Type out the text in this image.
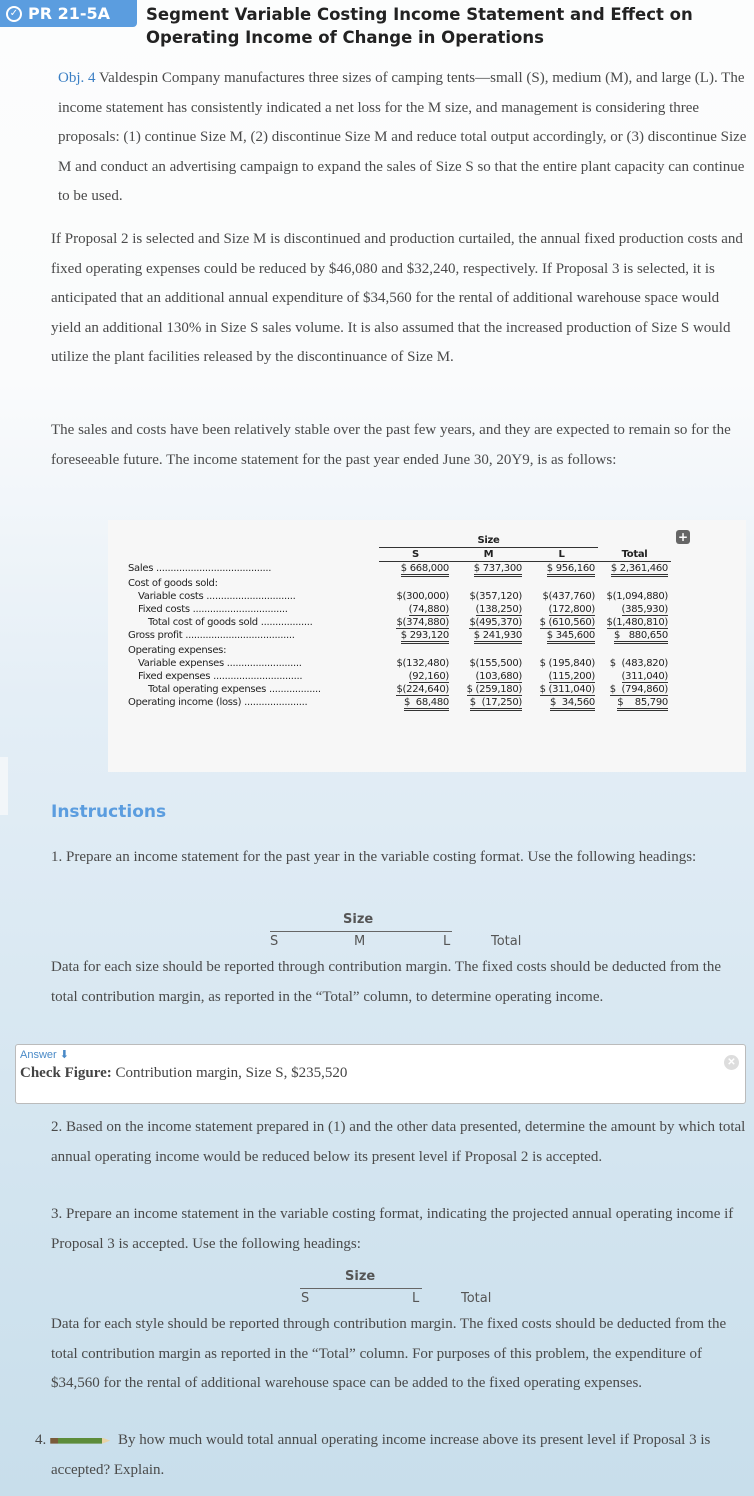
✓ PR 21-5A Segment Variable Costing Income Statement and Effect on Operating Income of Change in Operations
Obj. 4 Valdespin Company manufactures three sizes of camping tents—small (S), medium (M), and large (L). The income statement has consistently indicated a net loss for the M size, and management is considering three proposals: (1) continue Size M, (2) discontinue Size M and reduce total output accordingly, or (3) discontinue Size M and conduct an advertising campaign to expand the sales of Size S so that the entire plant capacity can continue to be used.
If Proposal 2 is selected and Size M is discontinued and production curtailed, the annual fixed production costs and fixed operating expenses could be reduced by $46,080 and $32,240, respectively. If Proposal 3 is selected, it is anticipated that an additional annual expenditure of $34,560 for the rental of additional warehouse space would yield an additional 130% in Size S sales volume. It is also assumed that the increased production of Size S would utilize the plant facilities released by the discontinuance of Size M.
The sales and costs have been relatively stable over the past few years, and they are expected to remain so for the foreseeable future. The income statement for the past year ended June 30, 20Y9, is as follows:
+
	Size			
	S	M	L	Total
Sales ........................................	$ 668,000	$ 737,300	$ 956,160	$ 2,361,460

Cost of goods sold:				
Variable costs ...............................	$(300,000)	$(357,120)	$(437,760)	$(1,094,880)
Fixed costs .................................	(74,880)	(138,250)	(172,800)	(385,930)
Total cost of goods sold ..................	$(374,880)	$(495,370)	$ (610,560)	$(1,480,810)
Gross profit ......................................	$ 293,120	$ 241,930	$ 345,600	$   880,650

Operating expenses:				
Variable expenses ..........................	$(132,480)	$(155,500)	$ (195,840)	$  (483,820)
Fixed expenses ...............................	(92,160)	(103,680)	(115,200)	(311,040)
Total operating expenses ..................	$(224,640)	$ (259,180)	$ (311,040)	$  (794,860)
Operating income (loss) ......................	$  68,480	$  (17,250)	$  34,560	$    85,790
Instructions
1. Prepare an income statement for the past year in the variable costing format. Use the following headings:
Size
S	M	L	Total
Data for each size should be reported through contribution margin. The fixed costs should be deducted from the total contribution margin, as reported in the “Total” column, to determine operating income.
Answer ⬇
Check Figure: Contribution margin, Size S, $235,520
✕
2. Based on the income statement prepared in (1) and the other data presented, determine the amount by which total annual operating income would be reduced below its present level if Proposal 2 is accepted.
3. Prepare an income statement in the variable costing format, indicating the projected annual operating income if Proposal 3 is accepted. Use the following headings:
Size
S	L	Total
Data for each style should be reported through contribution margin. The fixed costs should be deducted from the total contribution margin as reported in the “Total” column. For purposes of this problem, the expenditure of $34,560 for the rental of additional warehouse space can be added to the fixed operating expenses.
4.	By how much would total annual operating income increase above its present level if Proposal 3 is accepted? Explain.
